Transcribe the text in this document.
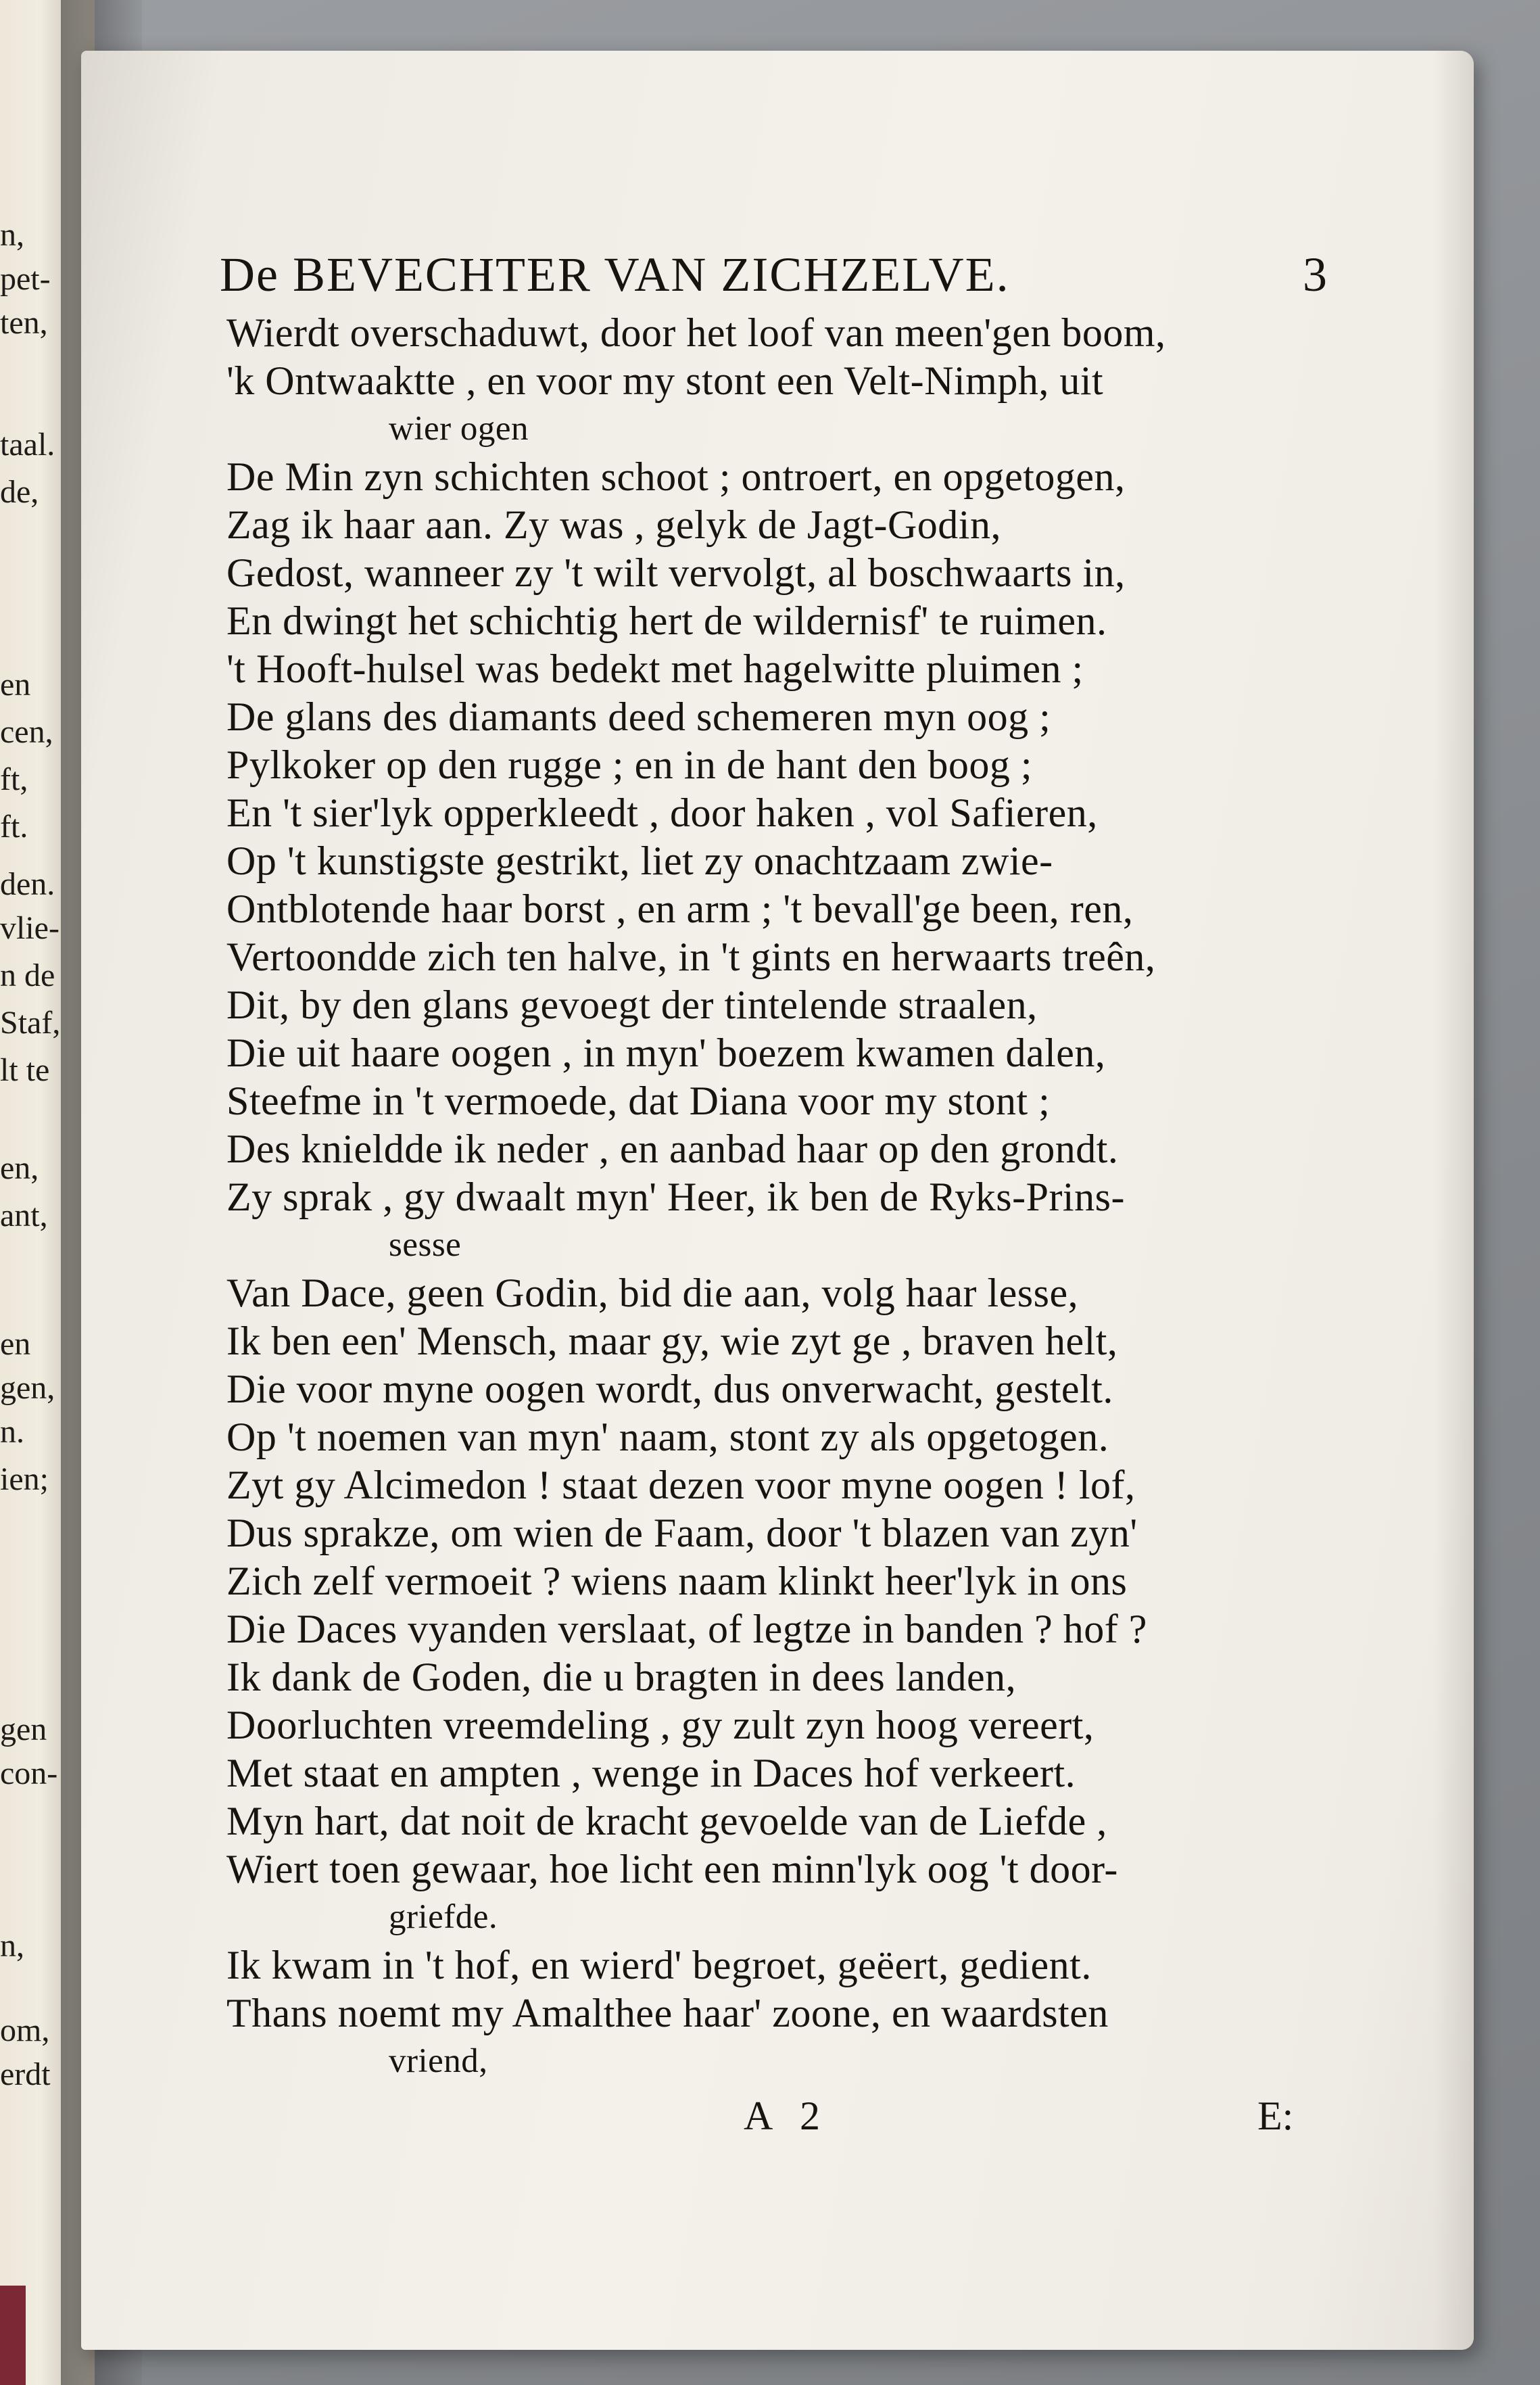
n,
pet-
ten,
taal.
de,
en
cen,
ft,
ft.
den.
vlie-
n de
Staf,
lt te
en,
ant,
en
gen,
n.
ien;
gen
con-
n,
om,
erdt
De BEVECHTER VAN ZICHZELVE.	3
Wierdt overschaduwt, door het loof van meen'gen boom,
'k Ontwaaktte , en voor my stont een Velt-Nimph, uit
wier ogen
De Min zyn schichten schoot ; ontroert, en opgetogen,
Zag ik haar aan. Zy was , gelyk de Jagt-Godin,
Gedost, wanneer zy 't wilt vervolgt, al boschwaarts in,
En dwingt het schichtig hert de wildernisf' te ruimen.
't Hooft-hulsel was bedekt met hagelwitte pluimen ;
De glans des diamants deed schemeren myn oog ;
Pylkoker op den rugge ; en in de hant den boog ;
En 't sier'lyk opperkleedt , door haken , vol Safieren,
Op 't kunstigste gestrikt, liet zy onachtzaam zwie-
Ontblotende haar borst , en arm ; 't bevall'ge been, ren,
Vertoondde zich ten halve, in 't gints en herwaarts treên,
Dit, by den glans gevoegt der tintelende straalen,
Die uit haare oogen , in myn' boezem kwamen dalen,
Steefme in 't vermoede, dat Diana voor my stont ;
Des knieldde ik neder , en aanbad haar op den grondt.
Zy sprak , gy dwaalt myn' Heer, ik ben de Ryks-Prins-
sesse
Van Dace, geen Godin, bid die aan, volg haar lesse,
Ik ben een' Mensch, maar gy, wie zyt ge , braven helt,
Die voor myne oogen wordt, dus onverwacht, gestelt.
Op 't noemen van myn' naam, stont zy als opgetogen.
Zyt gy Alcimedon ! staat dezen voor myne oogen ! lof,
Dus sprakze, om wien de Faam, door 't blazen van zyn'
Zich zelf vermoeit ? wiens naam klinkt heer'lyk in ons
Die Daces vyanden verslaat, of legtze in banden ? hof ?
Ik dank de Goden, die u bragten in dees landen,
Doorluchten vreemdeling , gy zult zyn hoog vereert,
Met staat en ampten , wenge in Daces hof verkeert.
Myn hart, dat noit de kracht gevoelde van de Liefde ,
Wiert toen gewaar, hoe licht een minn'lyk oog 't door-
griefde.
Ik kwam in 't hof, en wierd' begroet, geëert, gedient.
Thans noemt my Amalthee haar' zoone, en waardsten
vriend,
A 2	E:
